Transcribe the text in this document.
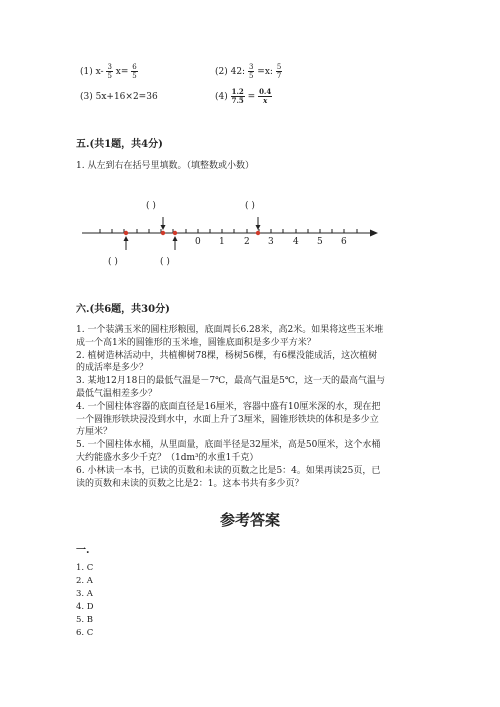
(1) $x- \frac{3}{5} x= \frac{6}{5}$	(2) 42: $\frac{3}{5} =x$: $\frac{5}{7}$
(3) 5x+16×2=36	$(4) \frac{1.2}{7.5} = \frac{0.4}{x}$
五.(共1题，共4分)
1. 从左到右在括号里填数。（填整数或小数）
( )	( )
( )	( )
0 1 2 3 4 5 6
六.(共6题，共30分)
1. 一个装满玉米的圆柱形粮囤，底面周长6.28米，高2米。如果将这些玉米堆
成一个高1米的圆锥形的玉米堆，圆锥底面积是多少平方米？
2. 植树造林活动中，共植柳树78棵，杨树56棵，有6棵没能成活，这次植树
的成活率是多少？
3. 某地12月18日的最低气温是－7℃，最高气温是5℃，这一天的最高气温与
最低气温相差多少？
4. 一个圆柱体容器的底面直径是16厘米，容器中盛有10厘米深的水，现在把
一个圆锥形铁块浸没到水中，水面上升了3厘米，圆锥形铁块的体积是多少立
方厘米？
5. 一个圆柱体水桶，从里面量，底面半径是32厘米，高是50厘米，这个水桶
大约能盛水多少千克？（1dm³的水重1千克）
6. 小林读一本书，已读的页数和未读的页数之比是5：4。如果再读25页，已
读的页数和未读的页数之比是2：1。这本书共有多少页？
参考答案
一.
1. C
2. A
3. A
4. D
5. B
6. C
